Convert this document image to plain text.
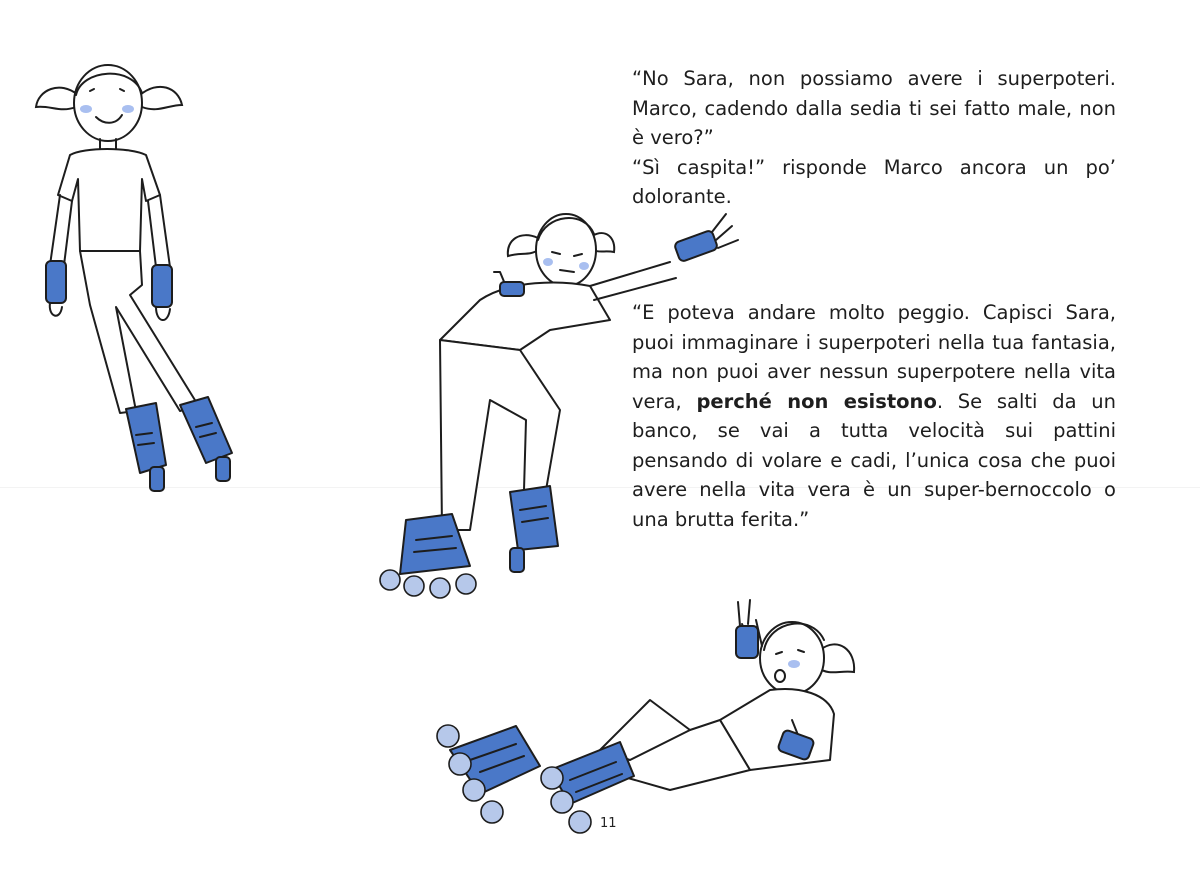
“No Sara, non possiamo avere i superpoteri. Marco, cadendo dalla sedia ti sei fatto male, non è vero?”

“Sì caspita!” risponde Marco ancora un po’ dolorante.

“E poteva andare molto peggio. Capisci Sara, puoi immaginare i superpoteri nella tua fantasia, ma non puoi aver nessun superpotere nella vita vera, perché non esistono. Se salti da un banco, se vai a tutta velocità sui pattini pensando di volare e cadi, l’unica cosa che puoi avere nella vita vera è un super-bernoccolo o una brutta ferita.”

11
